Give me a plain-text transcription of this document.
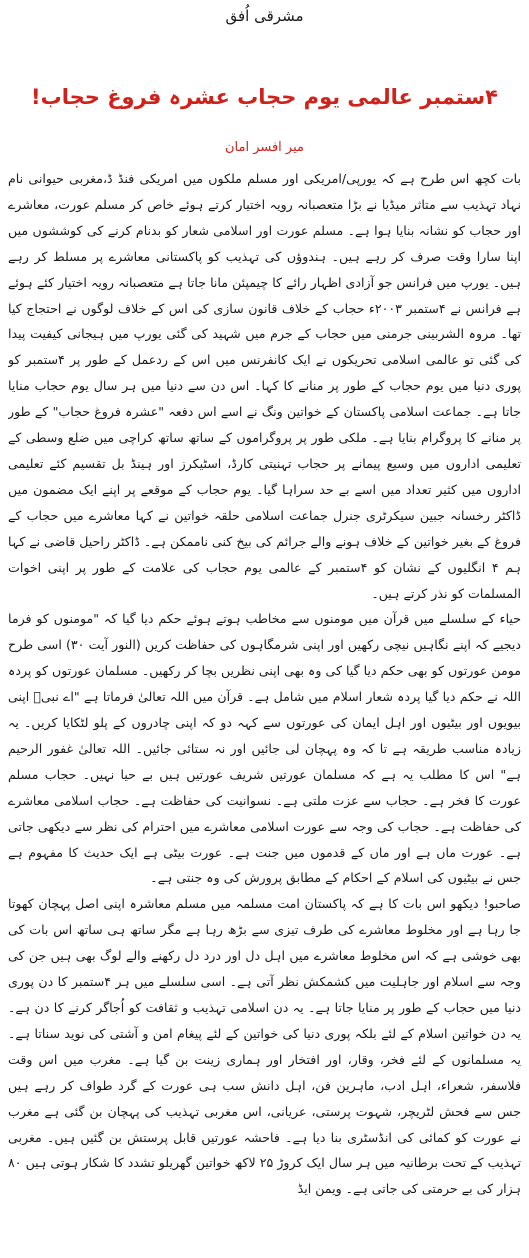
مشرقی اُفق
۴ستمبر عالمی یوم حجاب عشرہ فروغ حجاب!
میر افسر امان

بات کچھ اس طرح ہے کہ یورپی/امریکی اور مسلم ملکوں میں امریکی فنڈ ڈ،مغربی حیوانی نام نہاد تہذیب سے متاثر میڈیا نے بڑا متعصبانہ رویہ اختیار کرتے ہوئے خاص کر مسلم عورت، معاشرے اور حجاب کو نشانہ بنایا ہوا ہے۔ مسلم عورت اور اسلامی شعار کو بدنام کرنے کی کوششوں میں اپنا سارا وقت صرف کر رہے ہیں۔ ہندوؤں کی تہذیب کو پاکستانی معاشرے پر مسلط کر رہے ہیں۔ یورپ میں فرانس جو آزادی اظہار رائے کا چیمپئن مانا جاتا ہے متعصبانہ رویہ اختیار کئے ہوئے ہے فرانس نے ۴ستمبر ۲۰۰۳ء حجاب کے خلاف قانون سازی کی اس کے خلاف لوگوں نے احتجاج کیا تھا۔ مروہ الشربینی جرمنی میں حجاب کے جرم میں شہید کی گئی یورپ میں ہیجانی کیفیت پیدا کی گئی تو عالمی اسلامی تحریکوں نے ایک کانفرنس میں اس کے ردعمل کے طور پر ۴ستمبر کو پوری دنیا میں یوم حجاب کے طور پر منانے کا کہا۔ اس دن سے دنیا میں ہر سال یوم حجاب منایا جاتا ہے۔ جماعت اسلامی پاکستان کے خواتین ونگ نے اسے اس دفعہ "عشرہ فروغ حجاب" کے طور پر منانے کا پروگرام بنایا ہے۔ ملکی طور پر پروگراموں کے ساتھ ساتھ کراچی میں ضلع وسطی کے تعلیمی اداروں میں وسیع پیمانے پر حجاب تہنیتی کارڈ، اسٹیکرز اور ہینڈ بل تقسیم کئے تعلیمی اداروں میں کثیر تعداد میں اسے بے حد سراہا گیا۔ یوم حجاب کے موقعے پر اپنے ایک مضمون میں ڈاکٹر رخسانہ جبین سیکرٹری جنرل جماعت اسلامی حلقہ خواتین نے کہا معاشرے میں حجاب کے فروغ کے بغیر خواتین کے خلاف ہونے والے جرائم کی بیخ کنی ناممکن ہے۔ ڈاکٹر راحیل قاضی نے کہا ہم ۴ انگلیوں کے نشان کو ۴ستمبر کے عالمی یوم حجاب کی علامت کے طور پر اپنی اخوات المسلمات کو نذر کرتے ہیں۔

حیاء کے سلسلے میں قرآن میں مومنوں سے مخاطب ہوتے ہوئے حکم دیا گیا کہ "مومنوں کو فرما دیجیے کہ اپنے نگاہیں نیچی رکھیں اور اپنی شرمگاہوں کی حفاظت کریں (النور آیت ۳۰) اسی طرح مومن عورتوں کو بھی حکم دیا گیا کی وہ بھی اپنی نظریں بچا کر رکھیں۔ مسلمان عورتوں کو پردہ اللہ نے حکم دیا گیا پردہ شعار اسلام میں شامل ہے۔ قرآن میں اللہ تعالیٰ فرماتا ہے "اے نبیؐ اپنی بیویوں اور بیٹیوں اور اہل ایمان کی عورتوں سے کہہ دو کہ اپنی چادروں کے پلو لٹکایا کریں۔ یہ زیادہ مناسب طریقہ ہے تا کہ وہ پہچان لی جائیں اور نہ ستائی جائیں۔ اللہ تعالیٰ غفور الرحیم ہے" اس کا مطلب یہ ہے کہ مسلمان عورتیں شریف عورتیں ہیں بے حیا نہیں۔ حجاب مسلم عورت کا فخر ہے۔ حجاب سے عزت ملتی ہے۔ نسوانیت کی حفاظت ہے۔ حجاب اسلامی معاشرے کی حفاظت ہے۔ حجاب کی وجہ سے عورت اسلامی معاشرے میں احترام کی نظر سے دیکھی جاتی ہے۔ عورت ماں ہے اور ماں کے قدموں میں جنت ہے۔ عورت بیٹی ہے ایک حدیث کا مفہوم ہے جس نے بیٹیوں کی اسلام کے احکام کے مطابق پرورش کی وہ جنتی ہے۔

صاحبو! دیکھو اس بات کا ہے کہ پاکستان امت مسلمہ میں مسلم معاشرہ اپنی اصل پہچان کھوتا جا رہا ہے اور مخلوط معاشرے کی طرف تیزی سے بڑھ رہا ہے مگر ساتھ ہی ساتھ اس بات کی بھی خوشی ہے کہ اس مخلوط معاشرے میں اہل دل اور درد دل رکھنے والے لوگ بھی ہیں جن کی وجہ سے اسلام اور جاہلیت میں کشمکش نظر آتی ہے۔ اسی سلسلے میں ہر ۴ستمبر کا دن پوری دنیا میں حجاب کے طور پر منایا جاتا ہے۔ یہ دن اسلامی تہذیب و ثقافت کو اُجاگر کرنے کا دن ہے۔ یہ دن خواتین اسلام کے لئے بلکہ پوری دنیا کی خواتین کے لئے پیغام امن و آشتی کی نوید سناتا ہے۔ یہ مسلمانوں کے لئے فخر، وقار، اور افتخار اور ہماری زینت بن گیا ہے۔ مغرب میں اس وقت فلاسفر، شعراء، اہل ادب، ماہرین فن، اہل دانش سب ہی عورت کے گرد طواف کر رہے ہیں جس سے فحش لٹریچر، شہوت پرستی، عریانی، اس مغربی تہذیب کی پہچان بن گئی ہے مغرب نے عورت کو کمائی کی انڈسٹری بنا دیا ہے۔ فاحشہ عورتیں قابل پرستش بن گئیں ہیں۔ مغربی تہذیب کے تحت برطانیہ میں ہر سال ایک کروڑ ۲۵ لاکھ خواتین گھریلو تشدد کا شکار ہوتی ہیں ۸۰ ہزار کی بے حرمتی کی جاتی ہے۔ ویمن ایڈ
